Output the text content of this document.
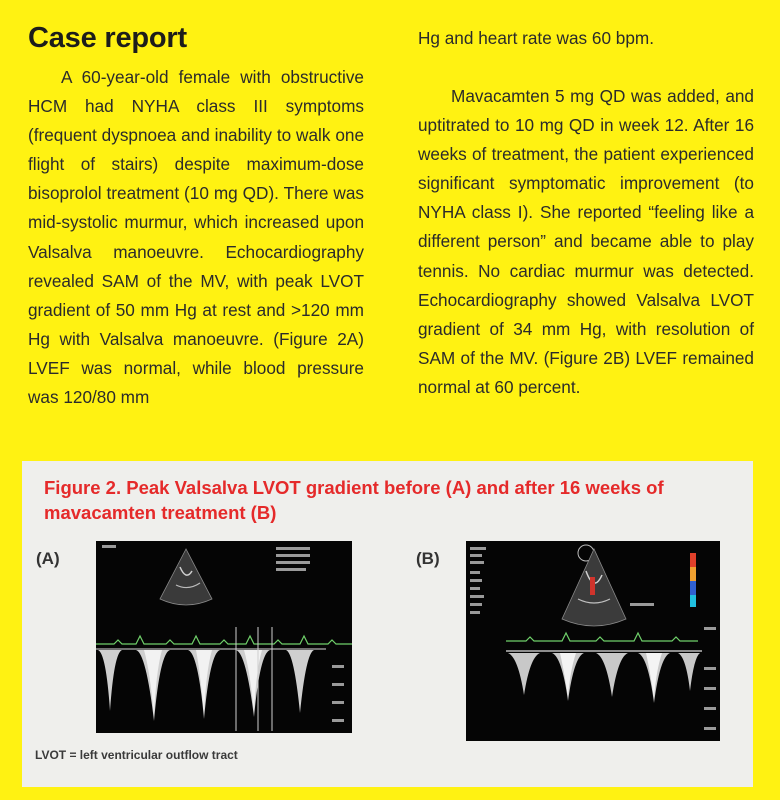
Case report

A 60-year-old female with obstructive HCM had NYHA class III symptoms (frequent dyspnoea and inability to walk one flight of stairs) despite maximum-dose bisoprolol treatment (10 mg QD). There was mid-systolic murmur, which increased upon Valsalva manoeuvre. Echocardiography revealed SAM of the MV, with peak LVOT gradient of 50 mm Hg at rest and >120 mm Hg with Valsalva manoeuvre. (Figure 2A) LVEF was normal, while blood pressure was 120/80 mm

Hg and heart rate was 60 bpm.

Mavacamten 5 mg QD was added, and uptitrated to 10 mg QD in week 12. After 16 weeks of treatment, the patient experienced significant symptomatic improvement (to NYHA class I). She reported “feeling like a different person” and became able to play tennis. No cardiac murmur was detected. Echocardiography showed Valsalva LVOT gradient of 34 mm Hg, with resolution of SAM of the MV. (Figure 2B) LVEF remained normal at 60 percent.

Figure 2. Peak Valsalva LVOT gradient before (A) and after 16 weeks of mavacamten treatment (B)

(A)	(B)
LVOT = left ventricular outflow tract
